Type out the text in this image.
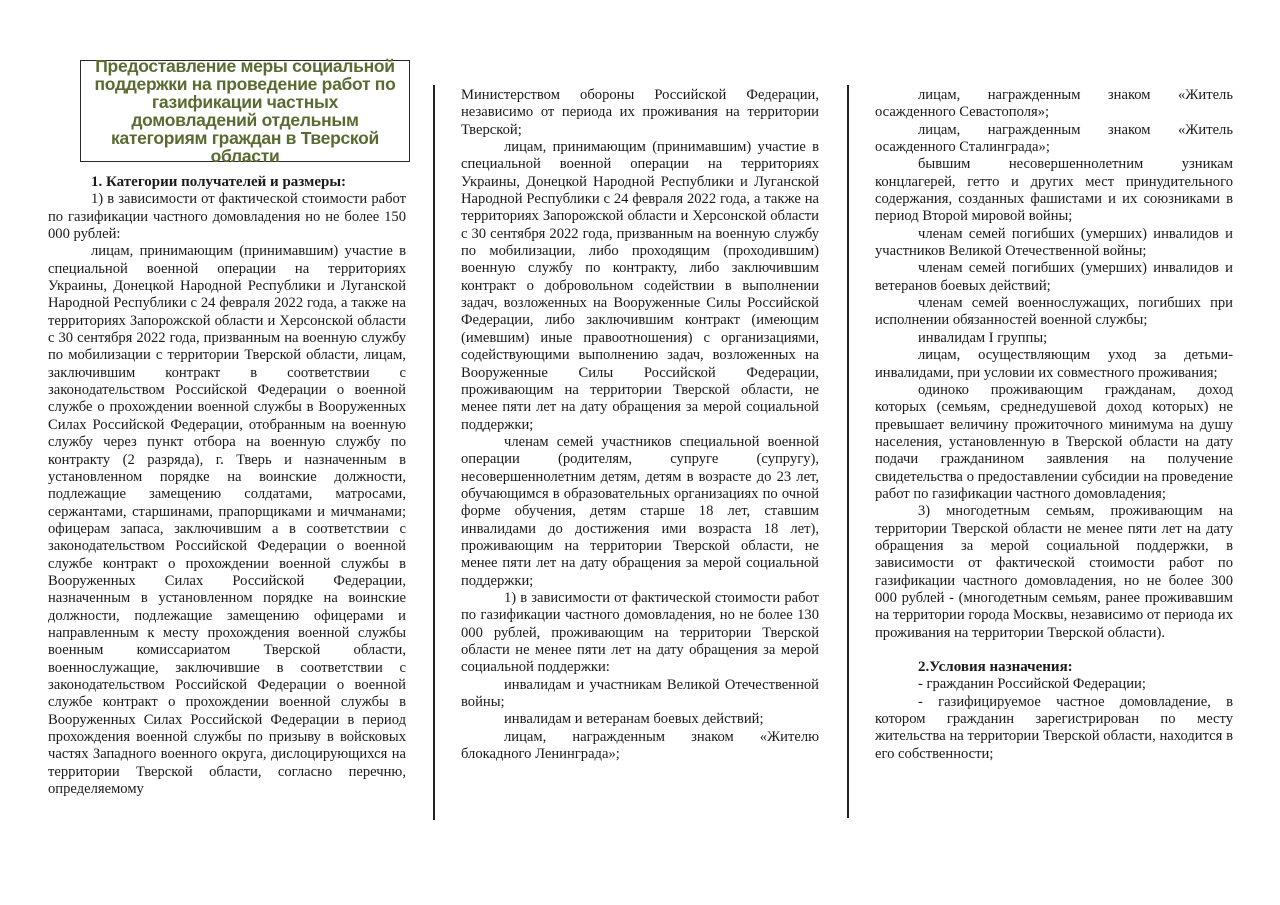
Предоставление меры социальной поддержки на проведение работ по газификации частных домовладений отдельным категориям граждан в Тверской области

1. Категории получателей и размеры:

1) в зависимости от фактической стоимости работ по газификации частного домовладения но не более 150 000 рублей:

лицам, принимающим (принимавшим) участие в специальной военной операции на территориях Украины, Донецкой Народной Республики и Луганской Народной Республики с 24 февраля 2022 года, а также на территориях Запорожской области и Херсонской области с 30 сентября 2022 года, призванным на военную службу по мобилизации с территории Тверской области, лицам, заключившим контракт в соответствии с законодательством Российской Федерации о военной службе о прохождении военной службы в Вооруженных Силах Российской Федерации, отобранным на военную службу через пункт отбора на военную службу по контракту (2 разряда), г. Тверь и назначенным в установленном порядке на воинские должности, подлежащие замещению солдатами, матросами, сержантами, старшинами, прапорщиками и мичманами; офицерам запаса, заключившим а в соответствии с законодательством Российской Федерации о военной службе контракт о прохождении военной службы в Вооруженных Силах Российской Федерации, назначенным в установленном порядке на воинские должности, подлежащие замещению офицерами и направленным к месту прохождения военной службы военным комиссариатом Тверской области, военнослужащие, заключившие в соответствии с законодательством Российской Федерации о военной службе контракт о прохождении военной службы в Вооруженных Силах Российской Федерации в период прохождения военной службы по призыву в войсковых частях Западного военного округа, дислоцирующихся на территории Тверской области, согласно перечню, определяемому

Министерством обороны Российской Федерации, независимо от периода их проживания на территории Тверской;

лицам, принимающим (принимавшим) участие в специальной военной операции на территориях Украины, Донецкой Народной Республики и Луганской Народной Республики с 24 февраля 2022 года, а также на территориях Запорожской области и Херсонской области с 30 сентября 2022 года, призванным на военную службу по мобилизации, либо проходящим (проходившим) военную службу по контракту, либо заключившим контракт о добровольном содействии в выполнении задач, возложенных на Вооруженные Силы Российской Федерации, либо заключившим контракт (имеющим (имевшим) иные правоотношения) с организациями, содействующими выполнению задач, возложенных на Вооруженные Силы Российской Федерации, проживающим на территории Тверской области, не менее пяти лет на дату обращения за мерой социальной поддержки;

членам семей участников специальной военной операции (родителям, супруге (супругу), несовершеннолетним детям, детям в возрасте до 23 лет, обучающимся в образовательных организациях по очной форме обучения, детям старше 18 лет, ставшим инвалидами до достижения ими возраста 18 лет), проживающим на территории Тверской области, не менее пяти лет на дату обращения за мерой социальной поддержки;

1) в зависимости от фактической стоимости работ по газификации частного домовладения, но не более 130 000 рублей, проживающим на территории Тверской области не менее пяти лет на дату обращения за мерой социальной поддержки:

инвалидам и участникам Великой Отечественной войны;

инвалидам и ветеранам боевых действий;

лицам, награжденным знаком «Жителю блокадного Ленинграда»;

лицам, награжденным знаком «Житель осажденного Севастополя»;

лицам, награжденным знаком «Житель осажденного Сталинграда»;

бывшим несовершеннолетним узникам концлагерей, гетто и других мест принудительного содержания, созданных фашистами и их союзниками в период Второй мировой войны;

членам семей погибших (умерших) инвалидов и участников Великой Отечественной войны;

членам семей погибших (умерших) инвалидов и ветеранов боевых действий;

членам семей военнослужащих, погибших при исполнении обязанностей военной службы;

инвалидам I группы;

лицам, осуществляющим уход за детьми-инвалидами, при условии их совместного проживания;

одиноко проживающим гражданам, доход которых (семьям, среднедушевой доход которых) не превышает величину прожиточного минимума на душу населения, установленную в Тверской области на дату подачи гражданином заявления на получение свидетельства о предоставлении субсидии на проведение работ по газификации частного домовладения;

3) многодетным семьям, проживающим на территории Тверской области не менее пяти лет на дату обращения за мерой социальной поддержки, в зависимости от фактической стоимости работ по газификации частного домовладения, но не более 300 000 рублей - (многодетным семьям, ранее проживавшим на территории города Москвы, независимо от периода их проживания на территории Тверской области).

2.Условия назначения:

- гражданин Российской Федерации;

- газифицируемое частное домовладение, в котором гражданин зарегистрирован по месту жительства на территории Тверской области, находится в его собственности;
